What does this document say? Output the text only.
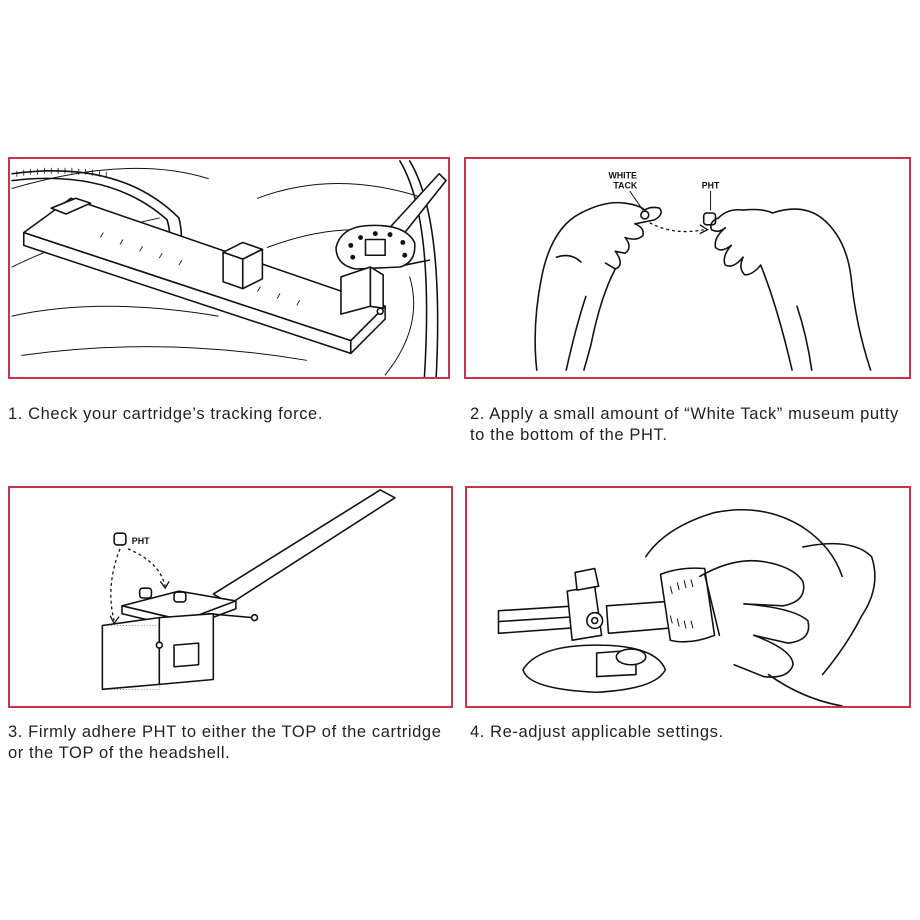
1. Check your cartridge’s tracking force.

WHITE
TACK	PHT

2. Apply a small amount of “White Tack” museum putty to the bottom of the PHT.

PHT

3. Firmly adhere PHT to either the TOP of the cartridge or the TOP of the headshell.

4. Re-adjust applicable settings.
